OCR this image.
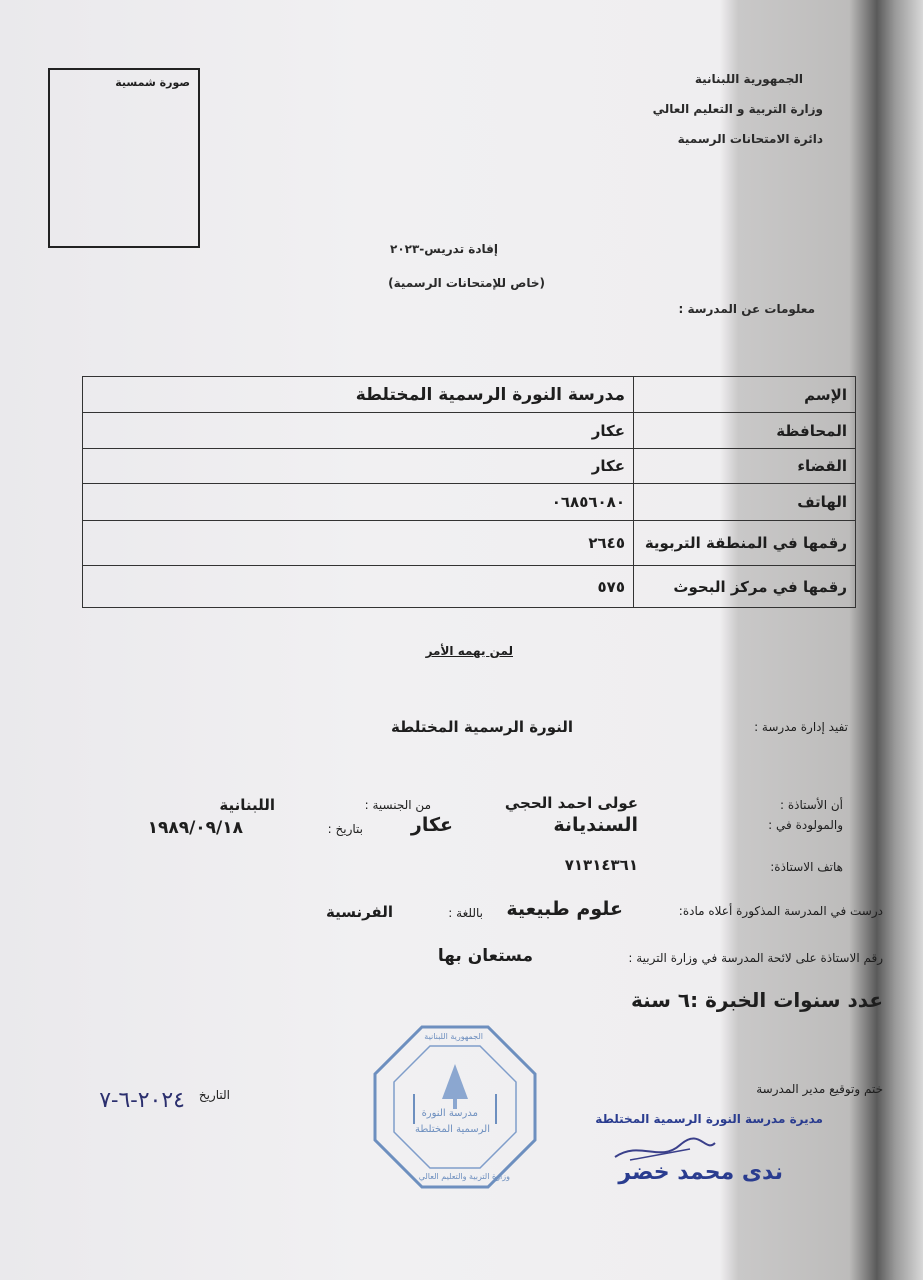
الجمهورية اللبنانية
وزارة التربية و التعليم العالي
دائرة الامتحانات الرسمية
صورة شمسية
إفادة تدريس-٢٠٢٣
(خاص للإمتحانات الرسمية)
معلومات عن المدرسة :
الإسم	مدرسة النورة الرسمية المختلطة
المحافظة	عكار
القضاء	عكار
الهاتف	٠٦٨٥٦٠٨٠
رقمها في المنطقة التربوية	٢٦٤٥
رقمها في مركز البحوث	٥٧٥
لمن يهمه الأمر
تفيد إدارة مدرسة :
النورة الرسمية المختلطة
أن الأستاذة :
عولى احمد الحجي
من الجنسية :
اللبنانية
والمولودة في :
السنديانة
عكار
بتاريخ :
١٩٨٩/٠٩/١٨
هاتف الاستاذة:
٧١٣١٤٣٦١
درست في المدرسة المذكورة أعلاه مادة:
علوم طبيعية
باللغة :
الفرنسية
رقم الاستاذة على لائحة المدرسة في وزارة التربية :
مستعان بها
عدد سنوات الخبرة :٦ سنة
التاريخ
٢٠٢٤-٦-٧	ختم وتوقيع مدير المدرسة
مديرة مدرسة النورة الرسمية المختلطة
ندى محمد خضر
مدرسة النورة
الرسمية المختلطة
الجمهورية اللبنانية
وزارة التربية والتعليم العالي
